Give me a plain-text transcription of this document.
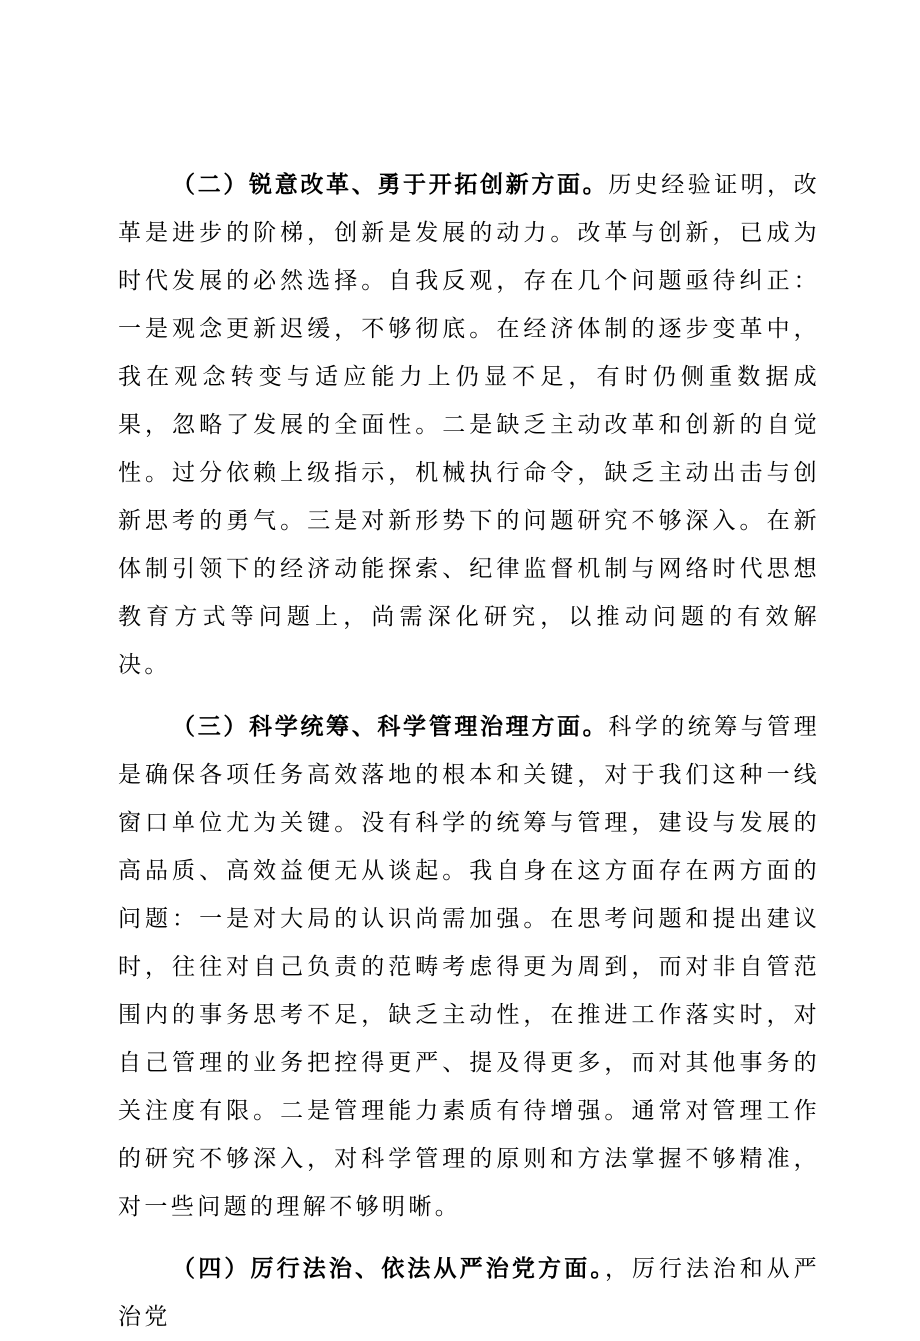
（二）锐意改革、勇于开拓创新方面。历史经验证明，改革是进步的阶梯，创新是发展的动力。改革与创新，已成为时代发展的必然选择。自我反观，存在几个问题亟待纠正：一是观念更新迟缓，不够彻底。在经济体制的逐步变革中，我在观念转变与适应能力上仍显不足，有时仍侧重数据成果，忽略了发展的全面性。二是缺乏主动改革和创新的自觉性。过分依赖上级指示，机械执行命令，缺乏主动出击与创新思考的勇气。三是对新形势下的问题研究不够深入。在新体制引领下的经济动能探索、纪律监督机制与网络时代思想教育方式等问题上，尚需深化研究，以推动问题的有效解决。

（三）科学统筹、科学管理治理方面。科学的统筹与管理是确保各项任务高效落地的根本和关键，对于我们这种一线窗口单位尤为关键。没有科学的统筹与管理，建设与发展的高品质、高效益便无从谈起。我自身在这方面存在两方面的问题：一是对大局的认识尚需加强。在思考问题和提出建议时，往往对自己负责的范畴考虑得更为周到，而对非自管范围内的事务思考不足，缺乏主动性，在推进工作落实时，对自己管理的业务把控得更严、提及得更多，而对其他事务的关注度有限。二是管理能力素质有待增强。通常对管理工作的研究不够深入，对科学管理的原则和方法掌握不够精准，对一些问题的理解不够明晰。

（四）厉行法治、依法从严治党方面。，厉行法治和从严治党
